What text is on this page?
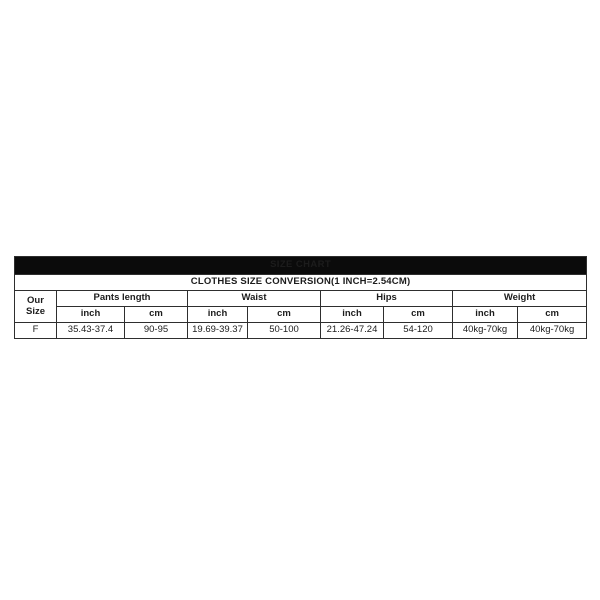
SIZE CHART								
CLOTHES SIZE CONVERSION(1 INCH=2.54CM)								

Our
Size	Pants length		Waist		Hips		Weight	
	inch	cm	inch	cm	inch	cm	inch	cm
F	35.43-37.4	90-95	19.69-39.37	50-100	21.26-47.24	54-120	40kg-70kg	40kg-70kg
